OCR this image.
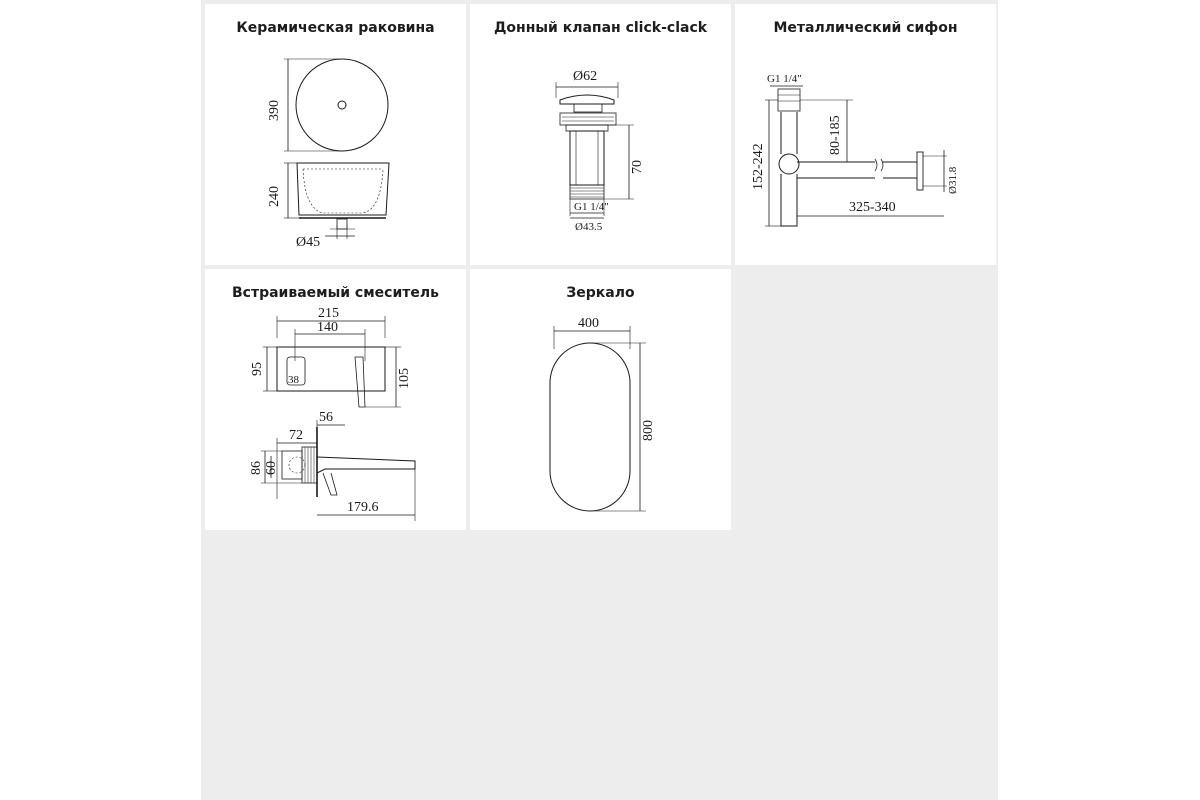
Керамическая раковина
390
240
Ø45
Донный клапан click-clack
Ø62
70
G1 1/4"
Ø43.5
Металлический сифон
G1 1/4"
Ø31.8
152-242
80-185
325-340
Встраиваемый смеситель
215
140
38
95	105
56
72
86 60
179.6
Зеркало
400
800
